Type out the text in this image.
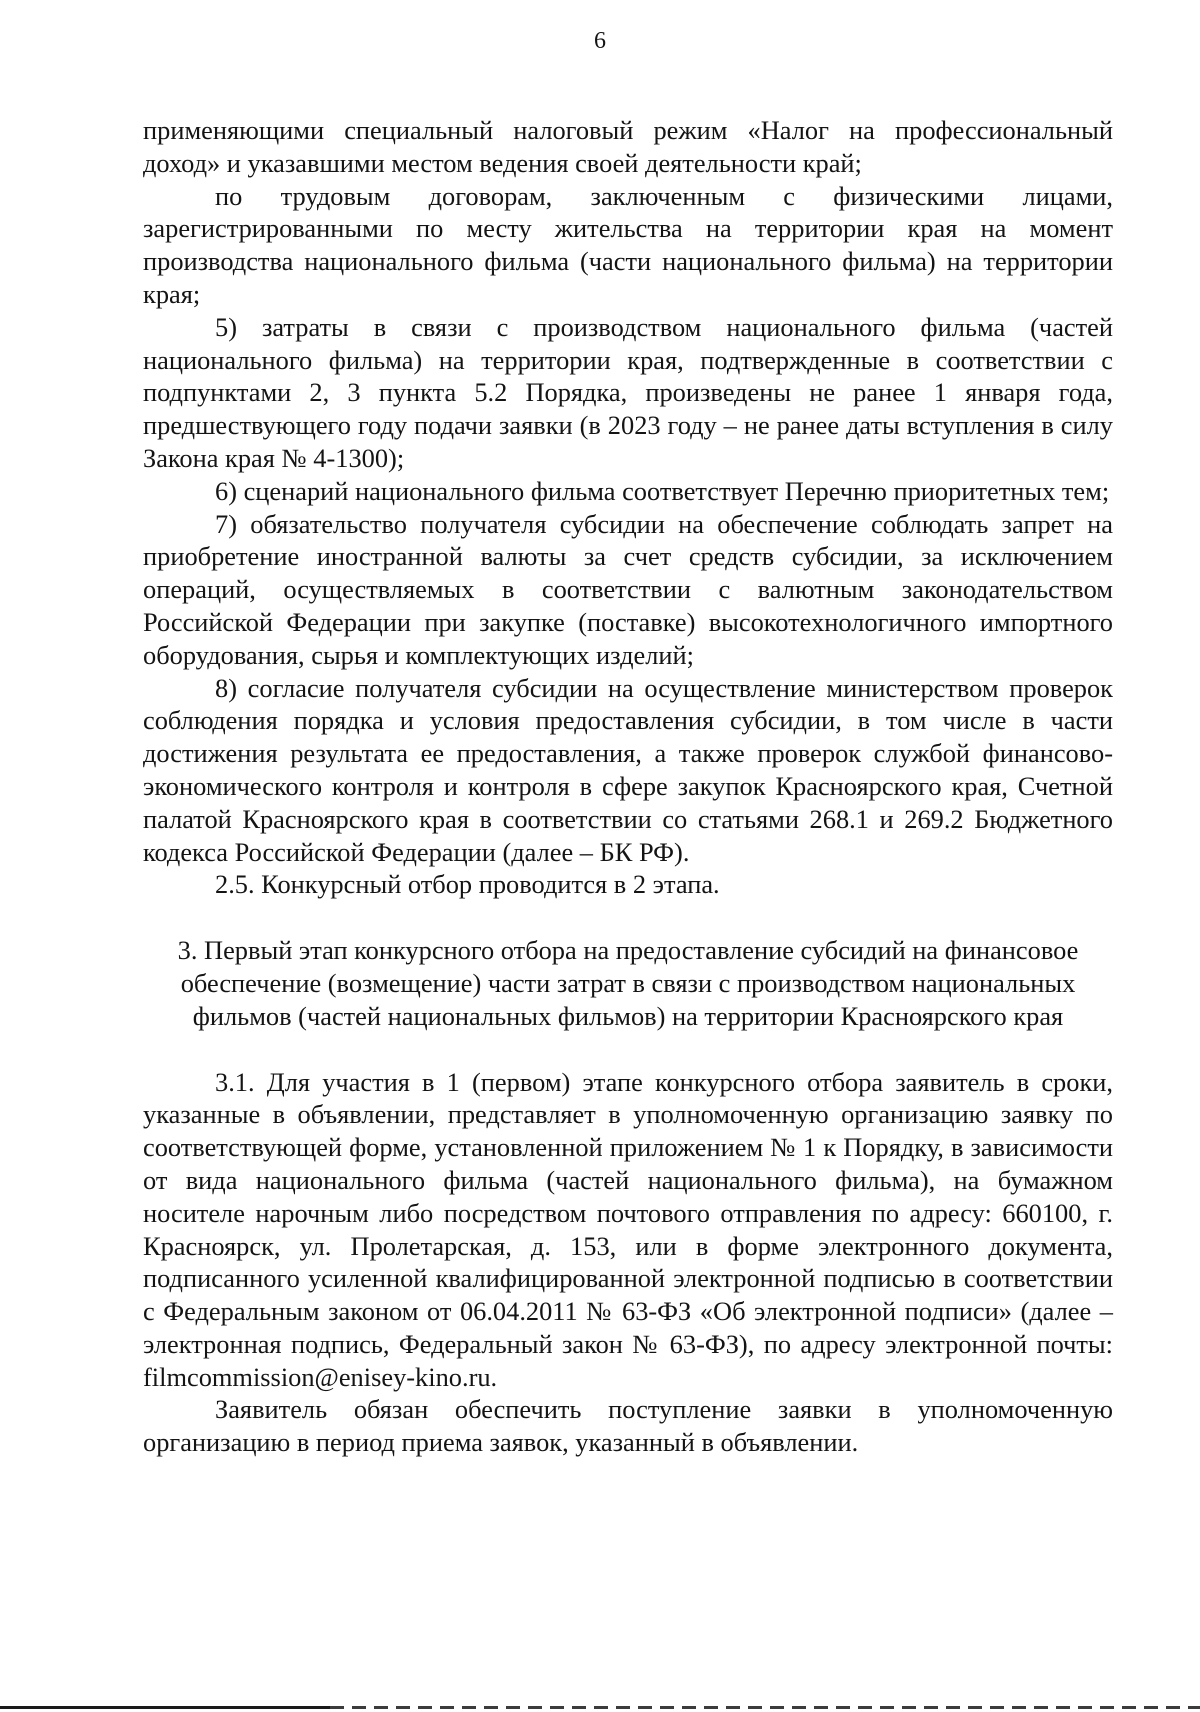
6

применяющими специальный налоговый режим «Налог на профессиональный доход» и указавшими местом ведения своей деятельности край;

по трудовым договорам, заключенным с физическими лицами, зарегистрированными по месту жительства на территории края на момент производства национального фильма (части национального фильма) на территории края;

5) затраты в связи с производством национального фильма (частей национального фильма) на территории края, подтвержденные в соответствии с подпунктами 2, 3 пункта 5.2 Порядка, произведены не ранее 1 января года, предшествующего году подачи заявки (в 2023 году – не ранее даты вступления в силу Закона края № 4-1300);

6) сценарий национального фильма соответствует Перечню приоритетных тем;

7) обязательство получателя субсидии на обеспечение соблюдать запрет на приобретение иностранной валюты за счет средств субсидии, за исключением операций, осуществляемых в соответствии с валютным законодательством Российской Федерации при закупке (поставке) высокотехнологичного импортного оборудования, сырья и комплектующих изделий;

8) согласие получателя субсидии на осуществление министерством проверок соблюдения порядка и условия предоставления субсидии, в том числе в части достижения результата ее предоставления, а также проверок службой финансово-экономического контроля и контроля в сфере закупок Красноярского края, Счетной палатой Красноярского края в соответствии со статьями 268.1 и 269.2 Бюджетного кодекса Российской Федерации (далее – БК РФ).

2.5. Конкурсный отбор проводится в 2 этапа.

3. Первый этап конкурсного отбора на предоставление субсидий на финансовое обеспечение (возмещение) части затрат в связи с производством национальных фильмов (частей национальных фильмов) на территории Красноярского края

3.1. Для участия в 1 (первом) этапе конкурсного отбора заявитель в сроки, указанные в объявлении, представляет в уполномоченную организацию заявку по соответствующей форме, установленной приложением № 1 к Порядку, в зависимости от вида национального фильма (частей национального фильма), на бумажном носителе нарочным либо посредством почтового отправления по адресу: 660100, г. Красноярск, ул. Пролетарская, д. 153, или в форме электронного документа, подписанного усиленной квалифицированной электронной подписью в соответствии с Федеральным законом от 06.04.2011 № 63-ФЗ «Об электронной подписи» (далее – электронная подпись, Федеральный закон № 63-ФЗ), по адресу электронной почты: filmcommission@enisey-kino.ru.

Заявитель обязан обеспечить поступление заявки в уполномоченную организацию в период приема заявок, указанный в объявлении.
